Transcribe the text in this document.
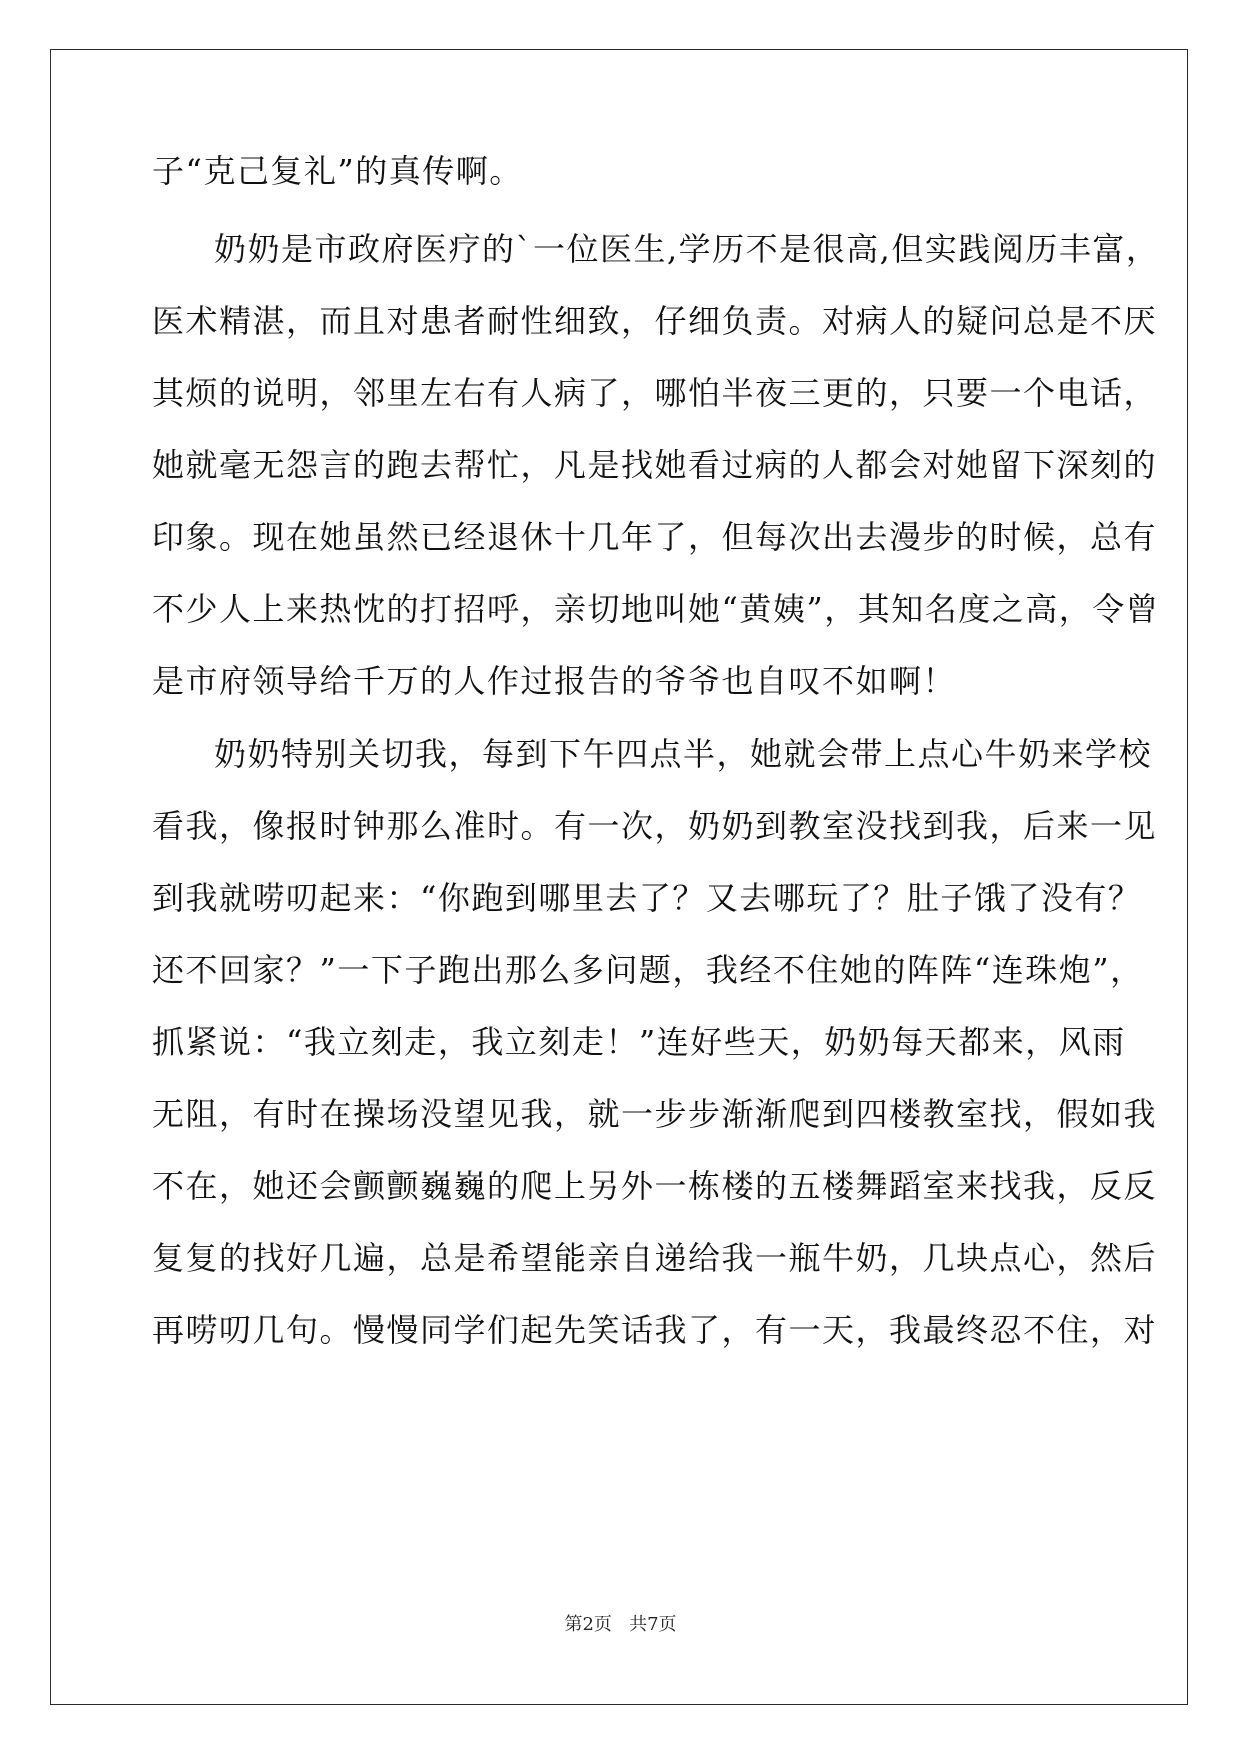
子“克己复礼”的真传啊。
奶奶是市政府医疗的`一位医生,学历不是很高,但实践阅历丰富，
医术精湛，而且对患者耐性细致，仔细负责。对病人的疑问总是不厌
其烦的说明，邻里左右有人病了，哪怕半夜三更的，只要一个电话，
她就毫无怨言的跑去帮忙，凡是找她看过病的人都会对她留下深刻的
印象。现在她虽然已经退休十几年了，但每次出去漫步的时候，总有
不少人上来热忱的打招呼，亲切地叫她“黄姨”，其知名度之高，令曾
是市府领导给千万的人作过报告的爷爷也自叹不如啊！
奶奶特别关切我，每到下午四点半，她就会带上点心牛奶来学校
看我，像报时钟那么准时。有一次，奶奶到教室没找到我，后来一见
到我就唠叨起来：“你跑到哪里去了？又去哪玩了？肚子饿了没有？
还不回家？”一下子跑出那么多问题，我经不住她的阵阵“连珠炮”，
抓紧说：“我立刻走，我立刻走！”连好些天，奶奶每天都来，风雨
无阻，有时在操场没望见我，就一步步渐渐爬到四楼教室找，假如我
不在，她还会颤颤巍巍的爬上另外一栋楼的五楼舞蹈室来找我，反反
复复的找好几遍，总是希望能亲自递给我一瓶牛奶，几块点心，然后
再唠叨几句。慢慢同学们起先笑话我了，有一天，我最终忍不住，对
第2页 共7页
